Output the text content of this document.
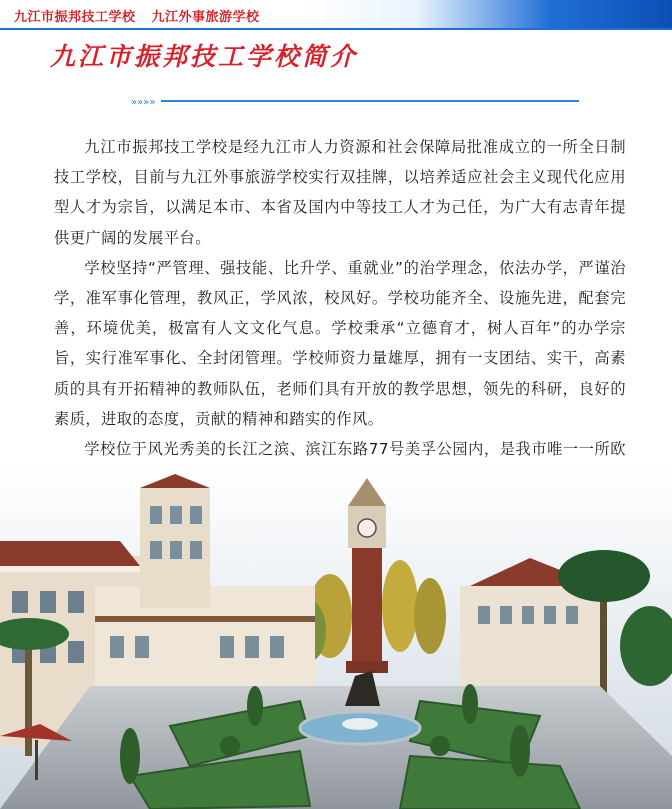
九江市振邦技工学校 九江外事旅游学校
九江市振邦技工学校简介
»»»»

九江市振邦技工学校是经九江市人力资源和社会保障局批准成立的一所全日制技工学校，目前与九江外事旅游学校实行双挂牌，以培养适应社会主义现代化应用型人才为宗旨，以满足本市、本省及国内中等技工人才为己任，为广大有志青年提供更广阔的发展平台。

学校坚持“严管理、强技能、比升学、重就业”的治学理念，依法办学，严谨治学，准军事化管理，教风正，学风浓，校风好。学校功能齐全、设施先进，配套完善，环境优美，极富有人文文化气息。学校秉承“立德育才，树人百年”的办学宗旨，实行准军事化、全封闭管理。学校师资力量雄厚，拥有一支团结、实干，高素质的具有开拓精神的教师队伍，老师们具有开放的教学思想，领先的科研，良好的素质，进取的态度，贡献的精神和踏实的作风。

学校位于风光秀美的长江之滨、滨江东路77号美孚公园内，是我市唯一一所欧
